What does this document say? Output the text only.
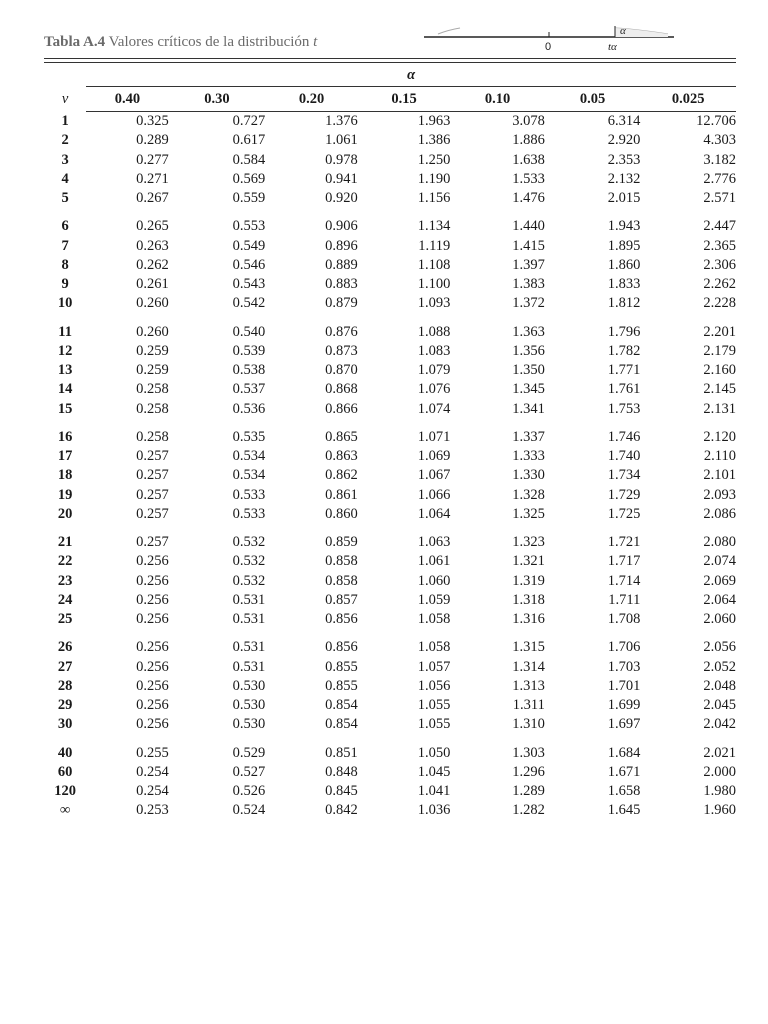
Tabla A.4 Valores críticos de la distribución t
α
0	tα
	α						
v	0.40	0.30	0.20	0.15	0.10	0.05	0.025
1	0.325	0.727	1.376	1.963	3.078	6.314	12.706
2	0.289	0.617	1.061	1.386	1.886	2.920	4.303
3	0.277	0.584	0.978	1.250	1.638	2.353	3.182
4	0.271	0.569	0.941	1.190	1.533	2.132	2.776
5	0.267	0.559	0.920	1.156	1.476	2.015	2.571
6	0.265	0.553	0.906	1.134	1.440	1.943	2.447
7	0.263	0.549	0.896	1.119	1.415	1.895	2.365
8	0.262	0.546	0.889	1.108	1.397	1.860	2.306
9	0.261	0.543	0.883	1.100	1.383	1.833	2.262
10	0.260	0.542	0.879	1.093	1.372	1.812	2.228
11	0.260	0.540	0.876	1.088	1.363	1.796	2.201
12	0.259	0.539	0.873	1.083	1.356	1.782	2.179
13	0.259	0.538	0.870	1.079	1.350	1.771	2.160
14	0.258	0.537	0.868	1.076	1.345	1.761	2.145
15	0.258	0.536	0.866	1.074	1.341	1.753	2.131
16	0.258	0.535	0.865	1.071	1.337	1.746	2.120
17	0.257	0.534	0.863	1.069	1.333	1.740	2.110
18	0.257	0.534	0.862	1.067	1.330	1.734	2.101
19	0.257	0.533	0.861	1.066	1.328	1.729	2.093
20	0.257	0.533	0.860	1.064	1.325	1.725	2.086
21	0.257	0.532	0.859	1.063	1.323	1.721	2.080
22	0.256	0.532	0.858	1.061	1.321	1.717	2.074
23	0.256	0.532	0.858	1.060	1.319	1.714	2.069
24	0.256	0.531	0.857	1.059	1.318	1.711	2.064
25	0.256	0.531	0.856	1.058	1.316	1.708	2.060
26	0.256	0.531	0.856	1.058	1.315	1.706	2.056
27	0.256	0.531	0.855	1.057	1.314	1.703	2.052
28	0.256	0.530	0.855	1.056	1.313	1.701	2.048
29	0.256	0.530	0.854	1.055	1.311	1.699	2.045
30	0.256	0.530	0.854	1.055	1.310	1.697	2.042
40	0.255	0.529	0.851	1.050	1.303	1.684	2.021
60	0.254	0.527	0.848	1.045	1.296	1.671	2.000
120	0.254	0.526	0.845	1.041	1.289	1.658	1.980
∞	0.253	0.524	0.842	1.036	1.282	1.645	1.960
